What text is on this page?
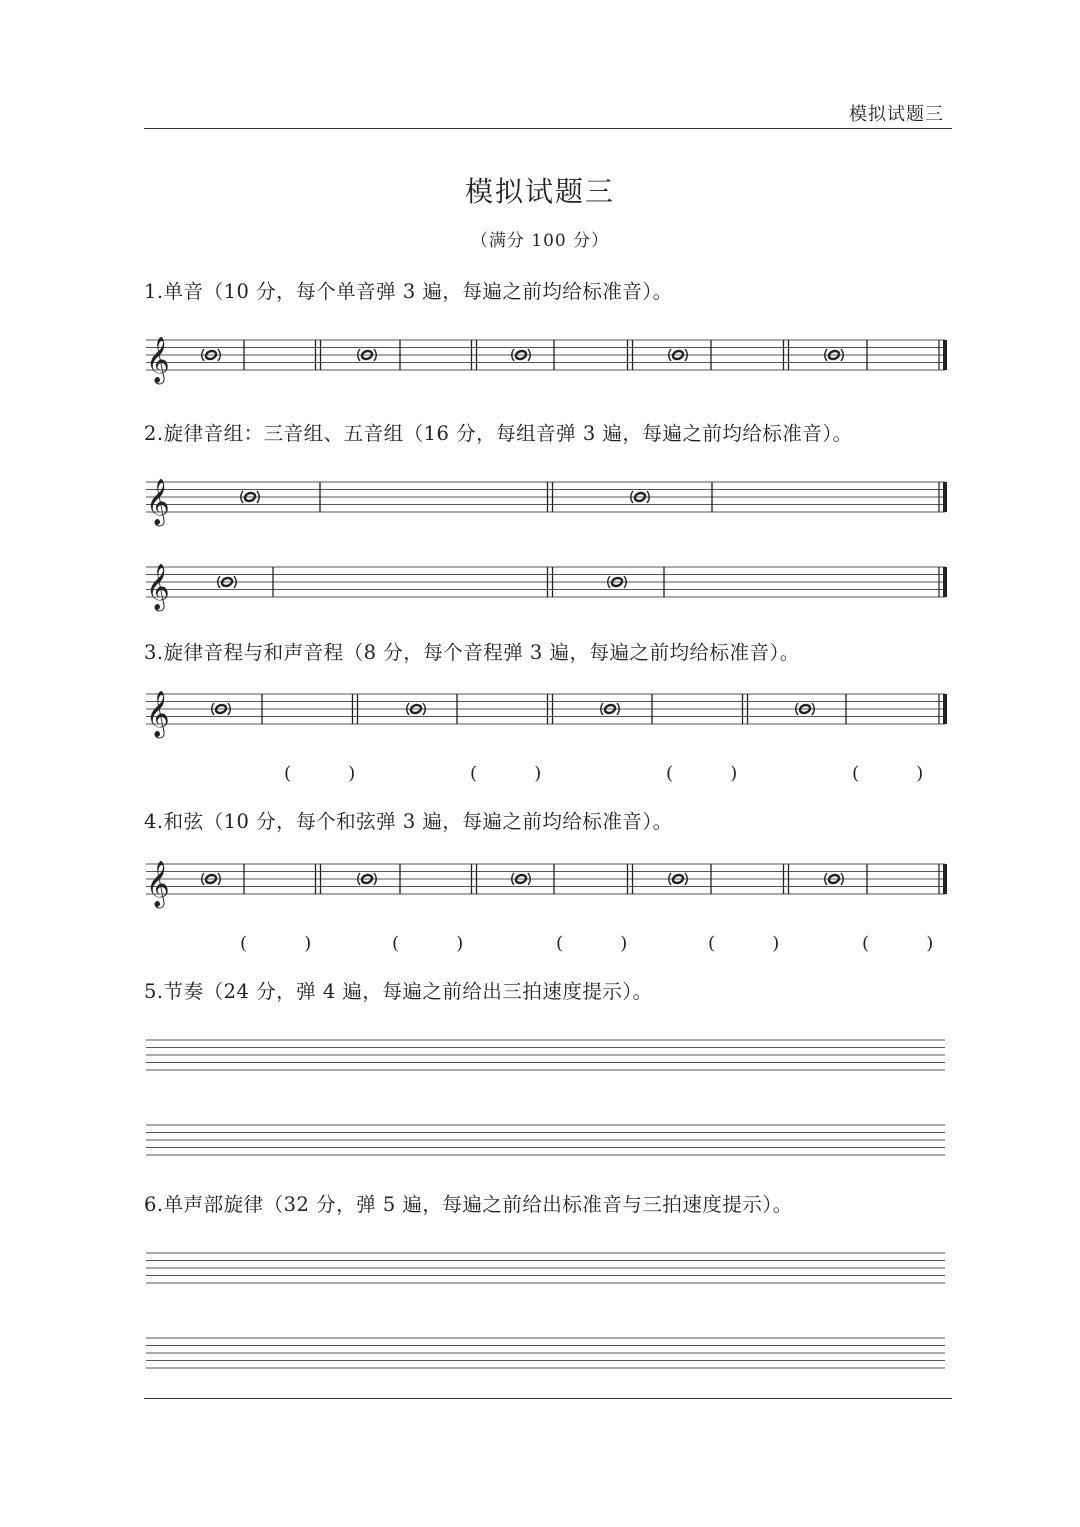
模拟试题三
模拟试题三
（满分 100 分）
1.单音（10 分，每个单音弹 3 遍，每遍之前均给标准音）。
2.旋律音组：三音组、五音组（16 分，每组音弹 3 遍，每遍之前均给标准音）。
3.旋律音程与和声音程（8 分，每个音程弹 3 遍，每遍之前均给标准音）。
4.和弦（10 分，每个和弦弹 3 遍，每遍之前均给标准音）。
5.节奏（24 分，弹 4 遍，每遍之前给出三拍速度提示）。
6.单声部旋律（32 分，弹 5 遍，每遍之前给出标准音与三拍速度提示）。
𝄞
𝄞
𝄞
𝄞
𝄞
(          )	(          )	(          )	(          )
(          )	(          )	(          )	(          )	(          )
